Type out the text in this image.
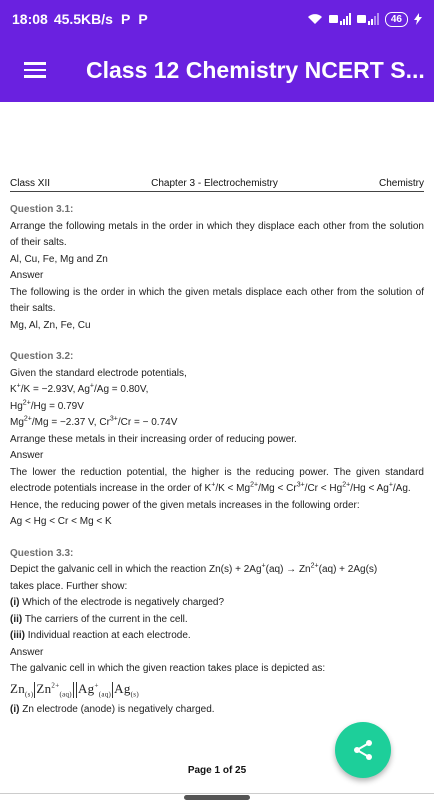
18:08 45.5KB/s P P	46
Class 12 Chemistry NCERT S...
Class XII	Chapter 3 - Electrochemistry	Chemistry
Question 3.1:
Arrange the following metals in the order in which they displace each other from the solution of their salts.
Al, Cu, Fe, Mg and Zn
Answer
The following is the order in which the given metals displace each other from the solution of their salts.
Mg, Al, Zn, Fe, Cu
Question 3.2:
Given the standard electrode potentials,
K+/K = −2.93V, Ag+/Ag = 0.80V,
$Hg^{2+}/Hg = 0.79V$
$Mg^{2+}/Mg = -2.37$ V, $Cr^{3+}/Cr$ = − 0.74V
Arrange these metals in their increasing order of reducing power.
Answer
The lower the reduction potential, the higher is the reducing power. The given standard electrode potentials increase in the order of $K^+/K < Mg^{2+}/Mg < Cr^{3+}/Cr < Hg^{2+}/Hg < Ag^+/Ag$.
Hence, the reducing power of the given metals increases in the following order:
Ag < Hg < Cr < Mg < K
Question 3.3:
Depict the galvanic cell in which the reaction $Zn(s) + 2Ag^+(aq) \to Zn^{2+}(aq) + 2Ag(s)$
takes place. Further show:
(i) Which of the electrode is negatively charged?
(ii) The carriers of the current in the cell.
(iii) Individual reaction at each electrode.
Answer
The galvanic cell in which the given reaction takes place is depicted as:
$Zn_{(s)}$ $Zn^{2+}_{(aq)}$ $Ag^+_{(aq)}$ $Ag_{(s)}$
(i) Zn electrode (anode) is negatively charged.
Page 1 of 25
